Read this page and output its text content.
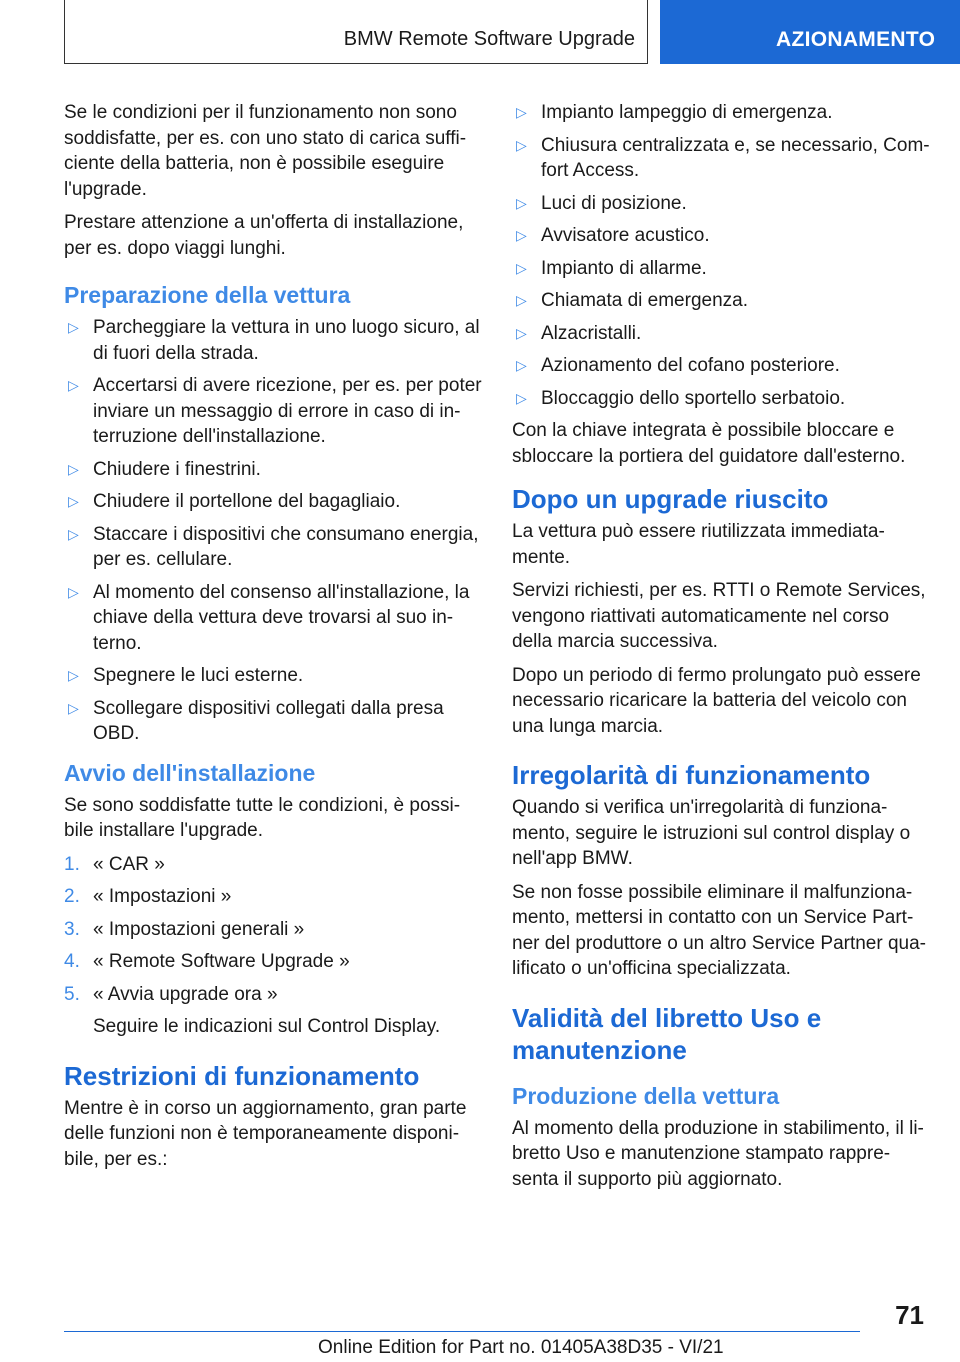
BMW Remote Software Upgrade	AZIONAMENTO

Se le condizioni per il funzionamento non sono soddisfatte, per es. con uno stato di carica suffi-ciente della batteria, non è possibile eseguire l'upgrade.

Prestare attenzione a un'offerta di installazione, per es. dopo viaggi lunghi.

Preparazione della vettura
▷ Parcheggiare la vettura in uno luogo sicuro, al di fuori della strada.
▷ Accertarsi di avere ricezione, per es. per poter inviare un messaggio di errore in caso di in-terruzione dell'installazione.
▷ Chiudere i finestrini.
▷ Chiudere il portellone del bagagliaio.
▷ Staccare i dispositivi che consumano energia, per es. cellulare.
▷ Al momento del consenso all'installazione, la chiave della vettura deve trovarsi al suo in-terno.
▷ Spegnere le luci esterne.
▷ Scollegare dispositivi collegati dalla presa OBD.
Avvio dell'installazione

Se sono soddisfatte tutte le condizioni, è possi-bile installare l'upgrade.

1. « CAR »
2. « Impostazioni »
3. « Impostazioni generali »
4. « Remote Software Upgrade »
5. « Avvia upgrade ora »

Seguire le indicazioni sul Control Display.

Restrizioni di funzionamento

Mentre è in corso un aggiornamento, gran parte delle funzioni non è temporaneamente disponi-bile, per es.:

▷ Impianto lampeggio di emergenza.
▷ Chiusura centralizzata e, se necessario, Com-fort Access.
▷ Luci di posizione.
▷ Avvisatore acustico.
▷ Impianto di allarme.
▷ Chiamata di emergenza.
▷ Alzacristalli.
▷ Azionamento del cofano posteriore.
▷ Bloccaggio dello sportello serbatoio.

Con la chiave integrata è possibile bloccare e sbloccare la portiera del guidatore dall'esterno.

Dopo un upgrade riuscito

La vettura può essere riutilizzata immediata-mente.

Servizi richiesti, per es. RTTI o Remote Services, vengono riattivati automaticamente nel corso della marcia successiva.

Dopo un periodo di fermo prolungato può essere necessario ricaricare la batteria del veicolo con una lunga marcia.

Irregolarità di funzionamento

Quando si verifica un'irregolarità di funziona-mento, seguire le istruzioni sul control display o nell'app BMW.

Se non fosse possibile eliminare il malfunziona-mento, mettersi in contatto con un Service Part-ner del produttore o un altro Service Partner qua-lificato o un'officina specializzata.

Validità del libretto Uso e manutenzione
Produzione della vettura

Al momento della produzione in stabilimento, il li-bretto Uso e manutenzione stampato rappre-senta il supporto più aggiornato.

71
Online Edition for Part no. 01405A38D35 - VI/21
